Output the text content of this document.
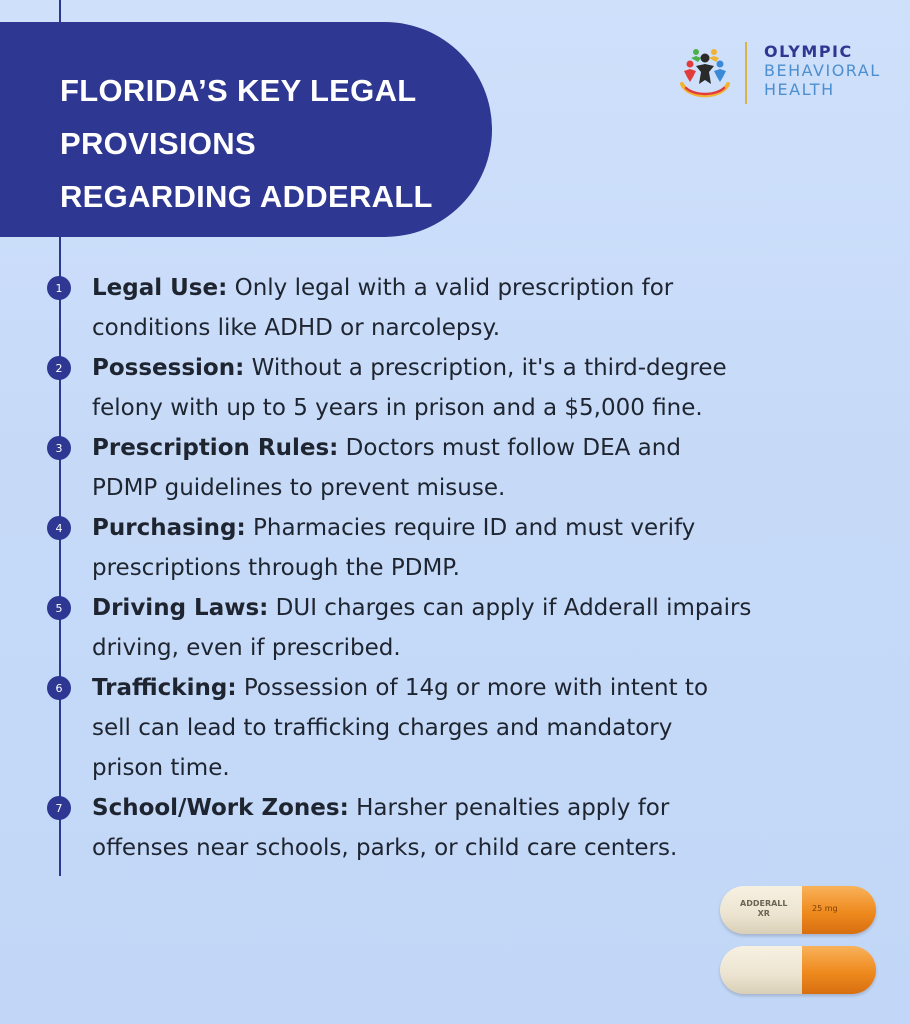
FLORIDA’S KEY LEGAL
PROVISIONS
REGARDING ADDERALL
OLYMPIC
BEHAVIORAL
HEALTH
1	Legal Use: Only legal with a valid prescription for
conditions like ADHD or narcolepsy.
2	Possession: Without a prescription, it's a third-degree
felony with up to 5 years in prison and a $5,000 fine.
3	Prescription Rules: Doctors must follow DEA and
PDMP guidelines to prevent misuse.
4	Purchasing: Pharmacies require ID and must verify
prescriptions through the PDMP.
5	Driving Laws: DUI charges can apply if Adderall impairs
driving, even if prescribed.
6	Trafficking: Possession of 14g or more with intent to
sell can lead to trafficking charges and mandatory
prison time.
7	School/Work Zones: Harsher penalties apply for
offenses near schools, parks, or child care centers.
ADDERALL
XR
25 mg
